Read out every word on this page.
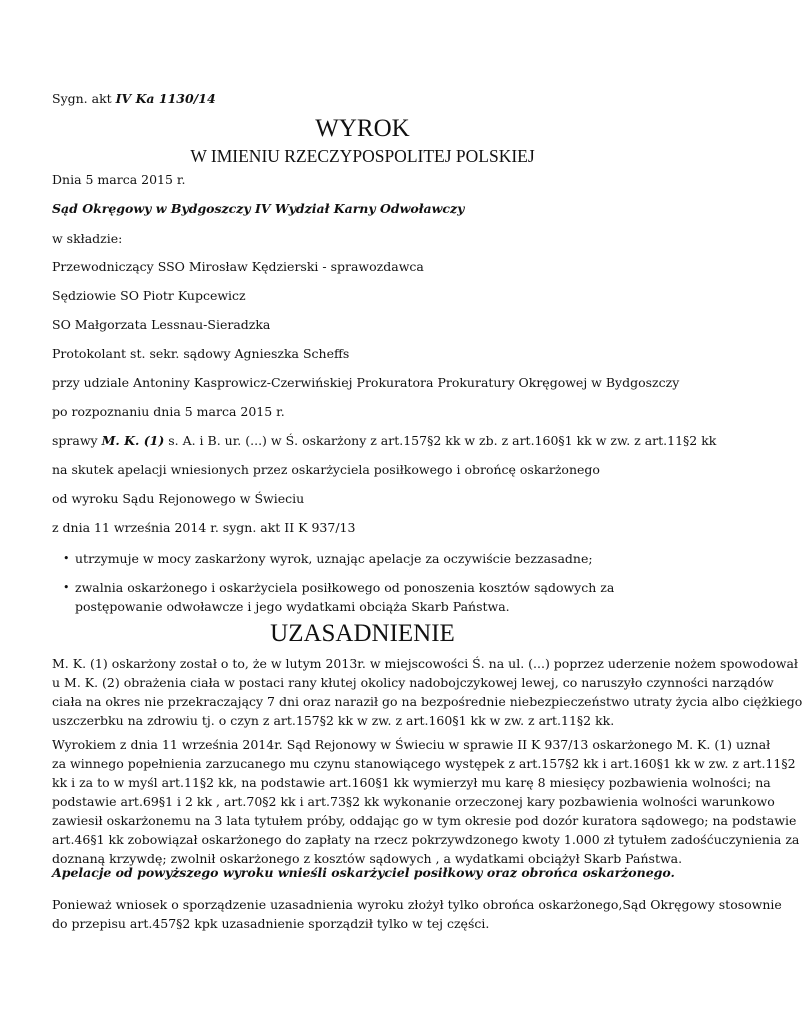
Sygn. akt IV Ka 1130/14
WYROK
W IMIENIU RZECZYPOSPOLITEJ POLSKIEJ
Dnia 5 marca 2015 r.
Sąd Okręgowy w Bydgoszczy IV Wydział Karny Odwoławczy
w składzie:
Przewodniczący SSO Mirosław Kędzierski - sprawozdawca
Sędziowie SO Piotr Kupcewicz
SO Małgorzata Lessnau-Sieradzka
Protokolant st. sekr. sądowy Agnieszka Scheffs
przy udziale Antoniny Kasprowicz-Czerwińskiej Prokuratora Prokuratury Okręgowej w Bydgoszczy
po rozpoznaniu dnia 5 marca 2015 r.
sprawy M. K. (1) s. A. i B. ur. (...) w Ś. oskarżony z art.157§2 kk w zb. z art.160§1 kk w zw. z art.11§2 kk
na skutek apelacji wniesionych przez oskarżyciela posiłkowego i obrońcę oskarżonego
od wyroku Sądu Rejonowego w Świeciu
z dnia 11 września 2014 r. sygn. akt II K 937/13
• utrzymuje w mocy zaskarżony wyrok, uznając apelacje za oczywiście bezzasadne;
• zwalnia oskarżonego i oskarżyciela posiłkowego od ponoszenia kosztów sądowych za postępowanie odwoławcze i jego wydatkami obciąża Skarb Państwa.
UZASADNIENIE
M. K. (1) oskarżony został o to, że w lutym 2013r. w miejscowości Ś. na ul. (...) poprzez uderzenie nożem spowodował
u M. K. (2) obrażenia ciała w postaci rany kłutej okolicy nadobojczykowej lewej, co naruszyło czynności narządów
ciała na okres nie przekraczający 7 dni oraz naraził go na bezpośrednie niebezpieczeństwo utraty życia albo ciężkiego
uszczerbku na zdrowiu tj. o czyn z art.157§2 kk w zw. z art.160§1 kk w zw. z art.11§2 kk.
Wyrokiem z dnia 11 września 2014r. Sąd Rejonowy w Świeciu w sprawie II K 937/13 oskarżonego M. K. (1) uznał
za winnego popełnienia zarzucanego mu czynu stanowiącego występek z art.157§2 kk i art.160§1 kk w zw. z art.11§2
kk i za to w myśl art.11§2 kk, na podstawie art.160§1 kk wymierzył mu karę 8 miesięcy pozbawienia wolności; na
podstawie art.69§1 i 2 kk , art.70§2 kk i art.73§2 kk wykonanie orzeczonej kary pozbawienia wolności warunkowo
zawiesił oskarżonemu na 3 lata tytułem próby, oddając go w tym okresie pod dozór kuratora sądowego; na podstawie
art.46§1 kk zobowiązał oskarżonego do zapłaty na rzecz pokrzywdzonego kwoty 1.000 zł tytułem zadośćuczynienia za
doznaną krzywdę; zwolnił oskarżonego z kosztów sądowych , a wydatkami obciążył Skarb Państwa.
Apelacje od powyższego wyroku wnieśli oskarżyciel posiłkowy oraz obrońca oskarżonego.
Ponieważ wniosek o sporządzenie uzasadnienia wyroku złożył tylko obrońca oskarżonego,Sąd Okręgowy stosownie
do przepisu art.457§2 kpk uzasadnienie sporządził tylko w tej części.
